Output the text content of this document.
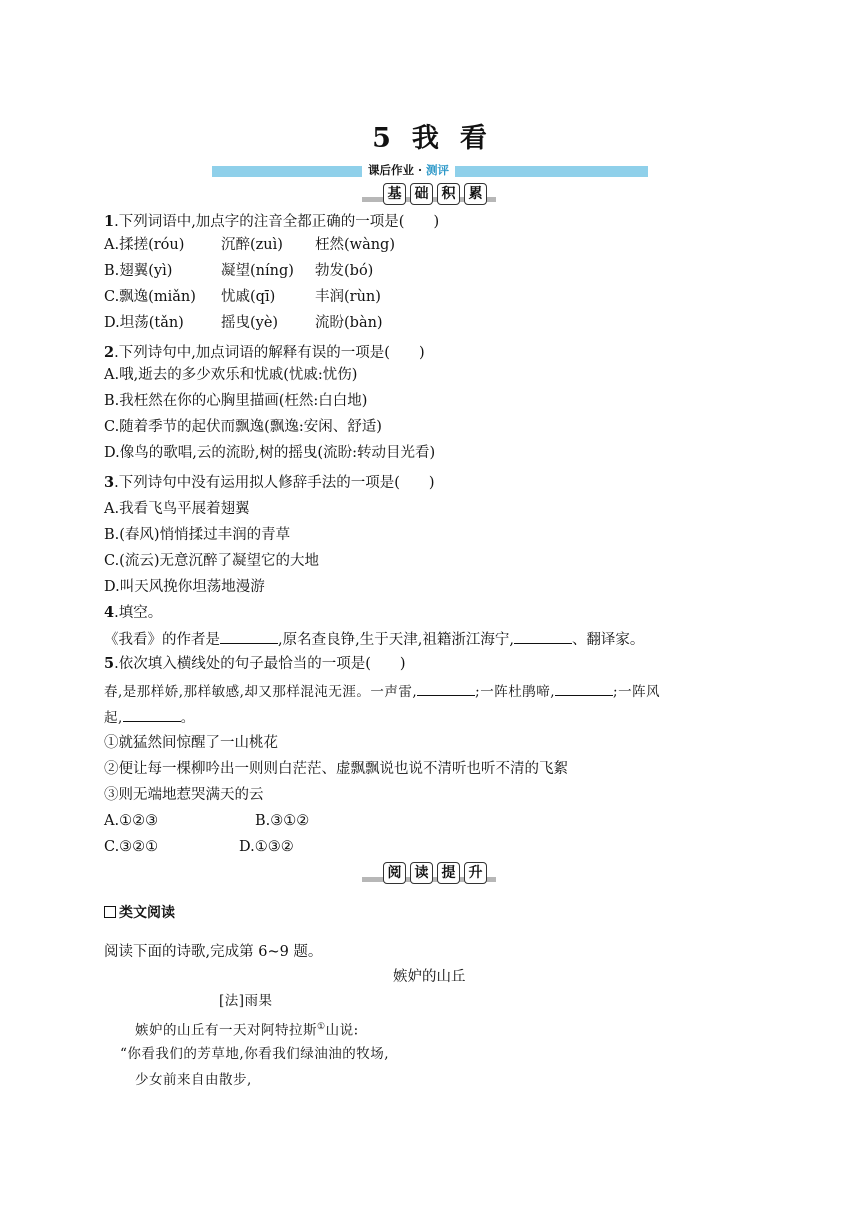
5 我 看
课后作业 · 测评
基 础 积 累
1.下列词语中,加点字的注音全都正确的一项是(　　)
A.揉搓(róu)	沉醉(zuì) 枉然(wàng)
B.翅翼(yì)	凝望(níng) 勃发(bó)
C.飘逸(miǎn) 忧戚(qī)	丰润(rùn)
D.坦荡(tǎn)	摇曳(yè)	流盼(bàn)
2.下列诗句中,加点词语的解释有误的一项是(　　)
A.哦,逝去的多少欢乐和忧戚(忧戚:忧伤)
B.我枉然在你的心胸里描画(枉然:白白地)
C.随着季节的起伏而飘逸(飘逸:安闲、舒适)
D.像鸟的歌唱,云的流盼,树的摇曳(流盼:转动目光看)
3.下列诗句中没有运用拟人修辞手法的一项是(　　)
A.我看飞鸟平展着翅翼
B.(春风)悄悄揉过丰润的青草
C.(流云)无意沉醉了凝望它的大地
D.叫天风挽你坦荡地漫游
4.填空。
《我看》的作者是	,原名查良铮,生于天津,祖籍浙江海宁,	、翻译家。
5.依次填入横线处的句子最恰当的一项是(　　)
春,是那样娇,那样敏感,却又那样混沌无涯。一声雷,	;一阵杜鹃啼,	;一阵风
起,	。
①就猛然间惊醒了一山桃花
②便让每一棵柳吟出一则则白茫茫、虚飘飘说也说不清听也听不清的飞絮
③则无端地惹哭满天的云
A.①②③	B.③①②
C.③②①	D.①③②
阅 读 提 升
类文阅读
阅读下面的诗歌,完成第 6~9 题。
嫉妒的山丘
[法]雨果
嫉妒的山丘有一天对阿特拉斯①山说:
“你看我们的芳草地,你看我们绿油油的牧场,
少女前来自由散步,
